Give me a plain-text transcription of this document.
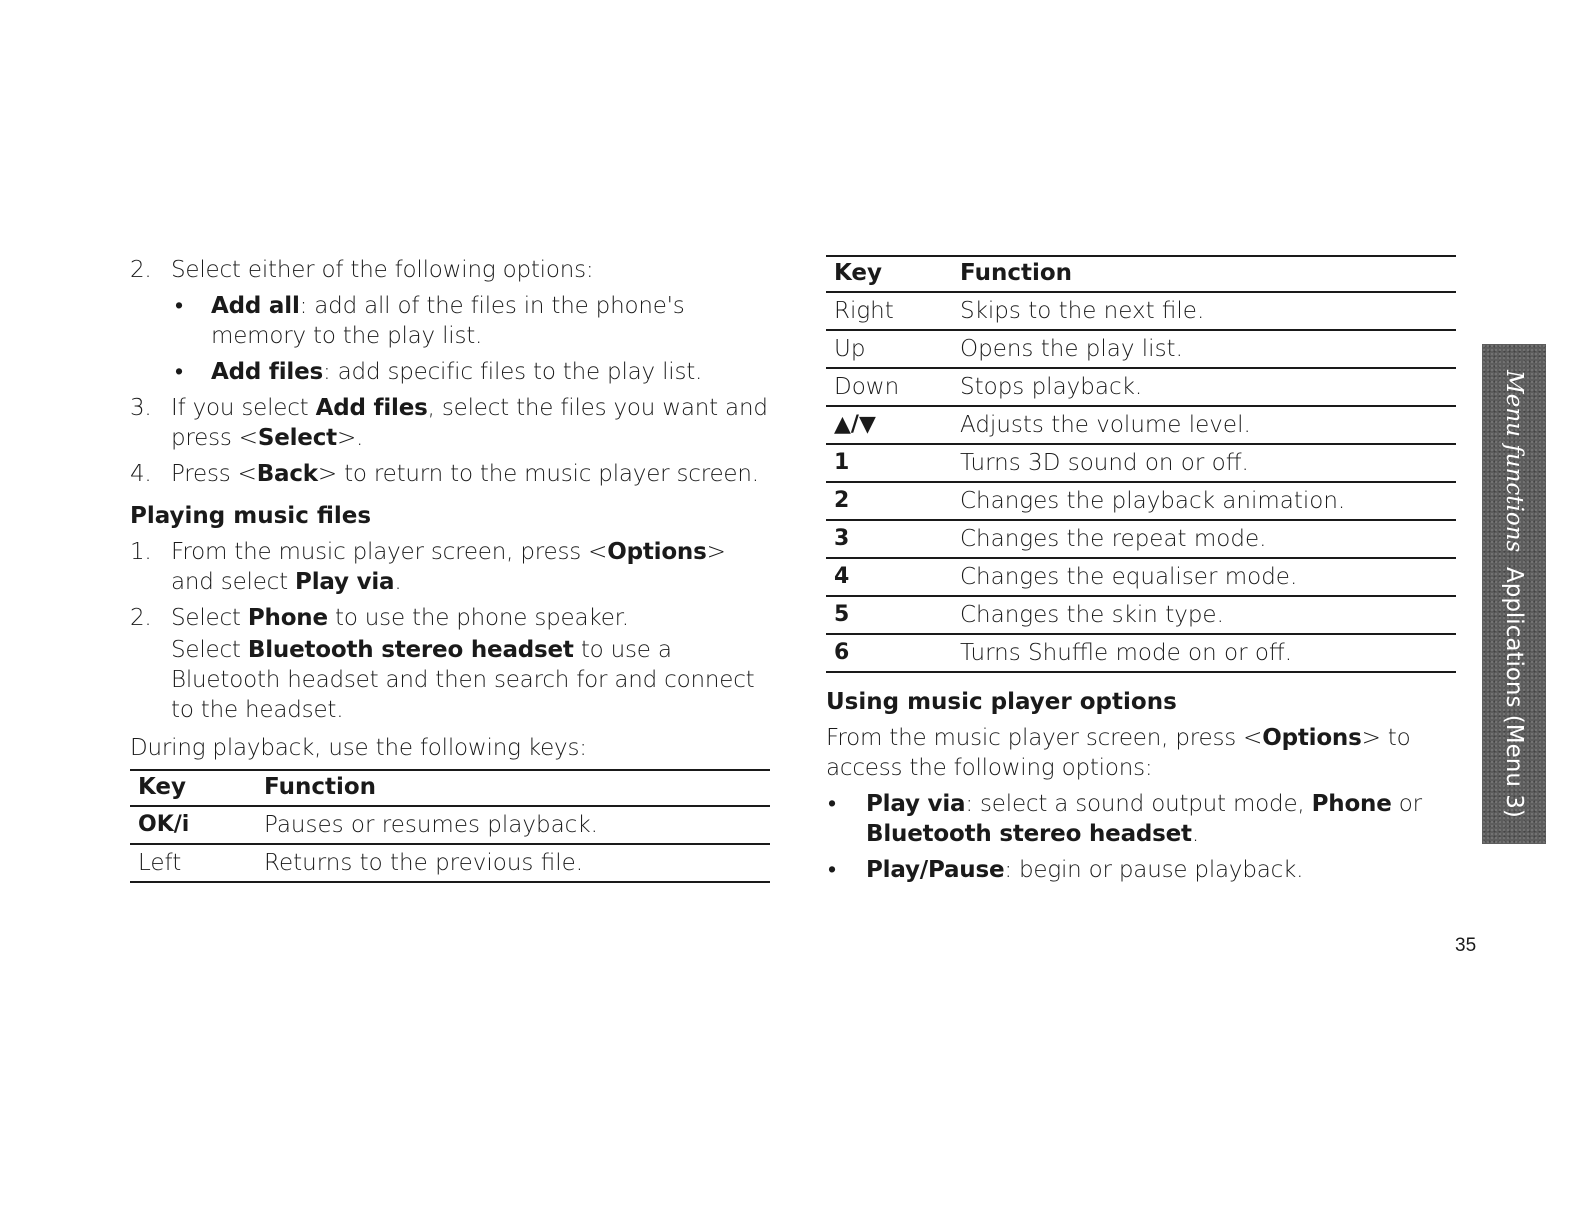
2. Select either of the following options:
• Add all: add all of the files in the phone's memory to the play list.
• Add files: add specific files to the play list.
3. If you select Add files, select the files you want and press <Select>.
4. Press <Back> to return to the music player screen.
Playing music files
1. From the music player screen, press <Options> and select Play via.
2. Select Phone to use the phone speaker.
Select Bluetooth stereo headset to use a Bluetooth headset and then search for and connect to the headset.
During playback, use the following keys:
Key	Function
OK/i	Pauses or resumes playback.
Left	Returns to the previous file.
Key	Function
Right	Skips to the next file.
Up	Opens the play list.
Down	Stops playback.
▲/▼	Adjusts the volume level.
1	Turns 3D sound on or off.
2	Changes the playback animation.
3	Changes the repeat mode.
4	Changes the equaliser mode.
5	Changes the skin type.
6	Turns Shuffle mode on or off.
Using music player options
From the music player screen, press <Options> to access the following options:
• Play via: select a sound output mode, Phone or Bluetooth stereo headset.
• Play/Pause: begin or pause playback.
Menu functions  Applications (Menu 3)
35
